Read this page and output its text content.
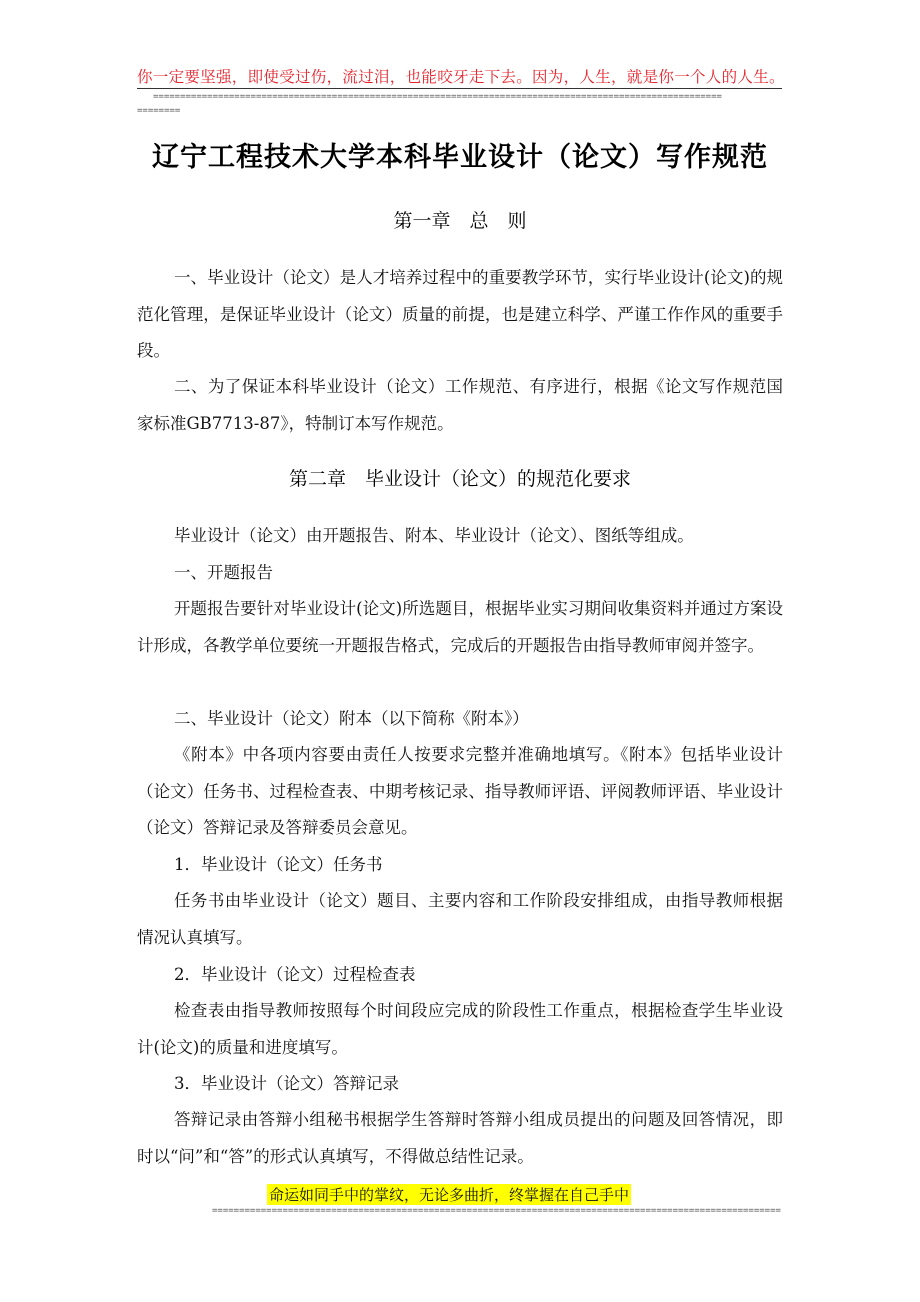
你一定要坚强，即使受过伤，流过泪，也能咬牙走下去。因为，人生，就是你一个人的人生。
=========================================================================================================
========
辽宁工程技术大学本科毕业设计（论文）写作规范
第一章　总　则

一、毕业设计（论文）是人才培养过程中的重要教学环节，实行毕业设计(论文)的规范化管理，是保证毕业设计（论文）质量的前提，也是建立科学、严谨工作作风的重要手段。

二、为了保证本科毕业设计（论文）工作规范、有序进行，根据《论文写作规范国家标准GB7713-87》，特制订本写作规范。

第二章　毕业设计（论文）的规范化要求

毕业设计（论文）由开题报告、附本、毕业设计（论文）、图纸等组成。

一、开题报告

开题报告要针对毕业设计(论文)所选题目，根据毕业实习期间收集资料并通过方案设计形成，各教学单位要统一开题报告格式，完成后的开题报告由指导教师审阅并签字。

二、毕业设计（论文）附本（以下简称《附本》）

《附本》中各项内容要由责任人按要求完整并准确地填写。《附本》包括毕业设计（论文）任务书、过程检查表、中期考核记录、指导教师评语、评阅教师评语、毕业设计（论文）答辩记录及答辩委员会意见。

1．毕业设计（论文）任务书

任务书由毕业设计（论文）题目、主要内容和工作阶段安排组成，由指导教师根据情况认真填写。

2．毕业设计（论文）过程检查表

检查表由指导教师按照每个时间段应完成的阶段性工作重点，根据检查学生毕业设计(论文)的质量和进度填写。

3．毕业设计（论文）答辩记录

答辩记录由答辩小组秘书根据学生答辩时答辩小组成员提出的问题及回答情况，即时以“问”和“答”的形式认真填写，不得做总结性记录。

命运如同手中的掌纹，无论多曲折，终掌握在自己手中
=========================================================================================================
